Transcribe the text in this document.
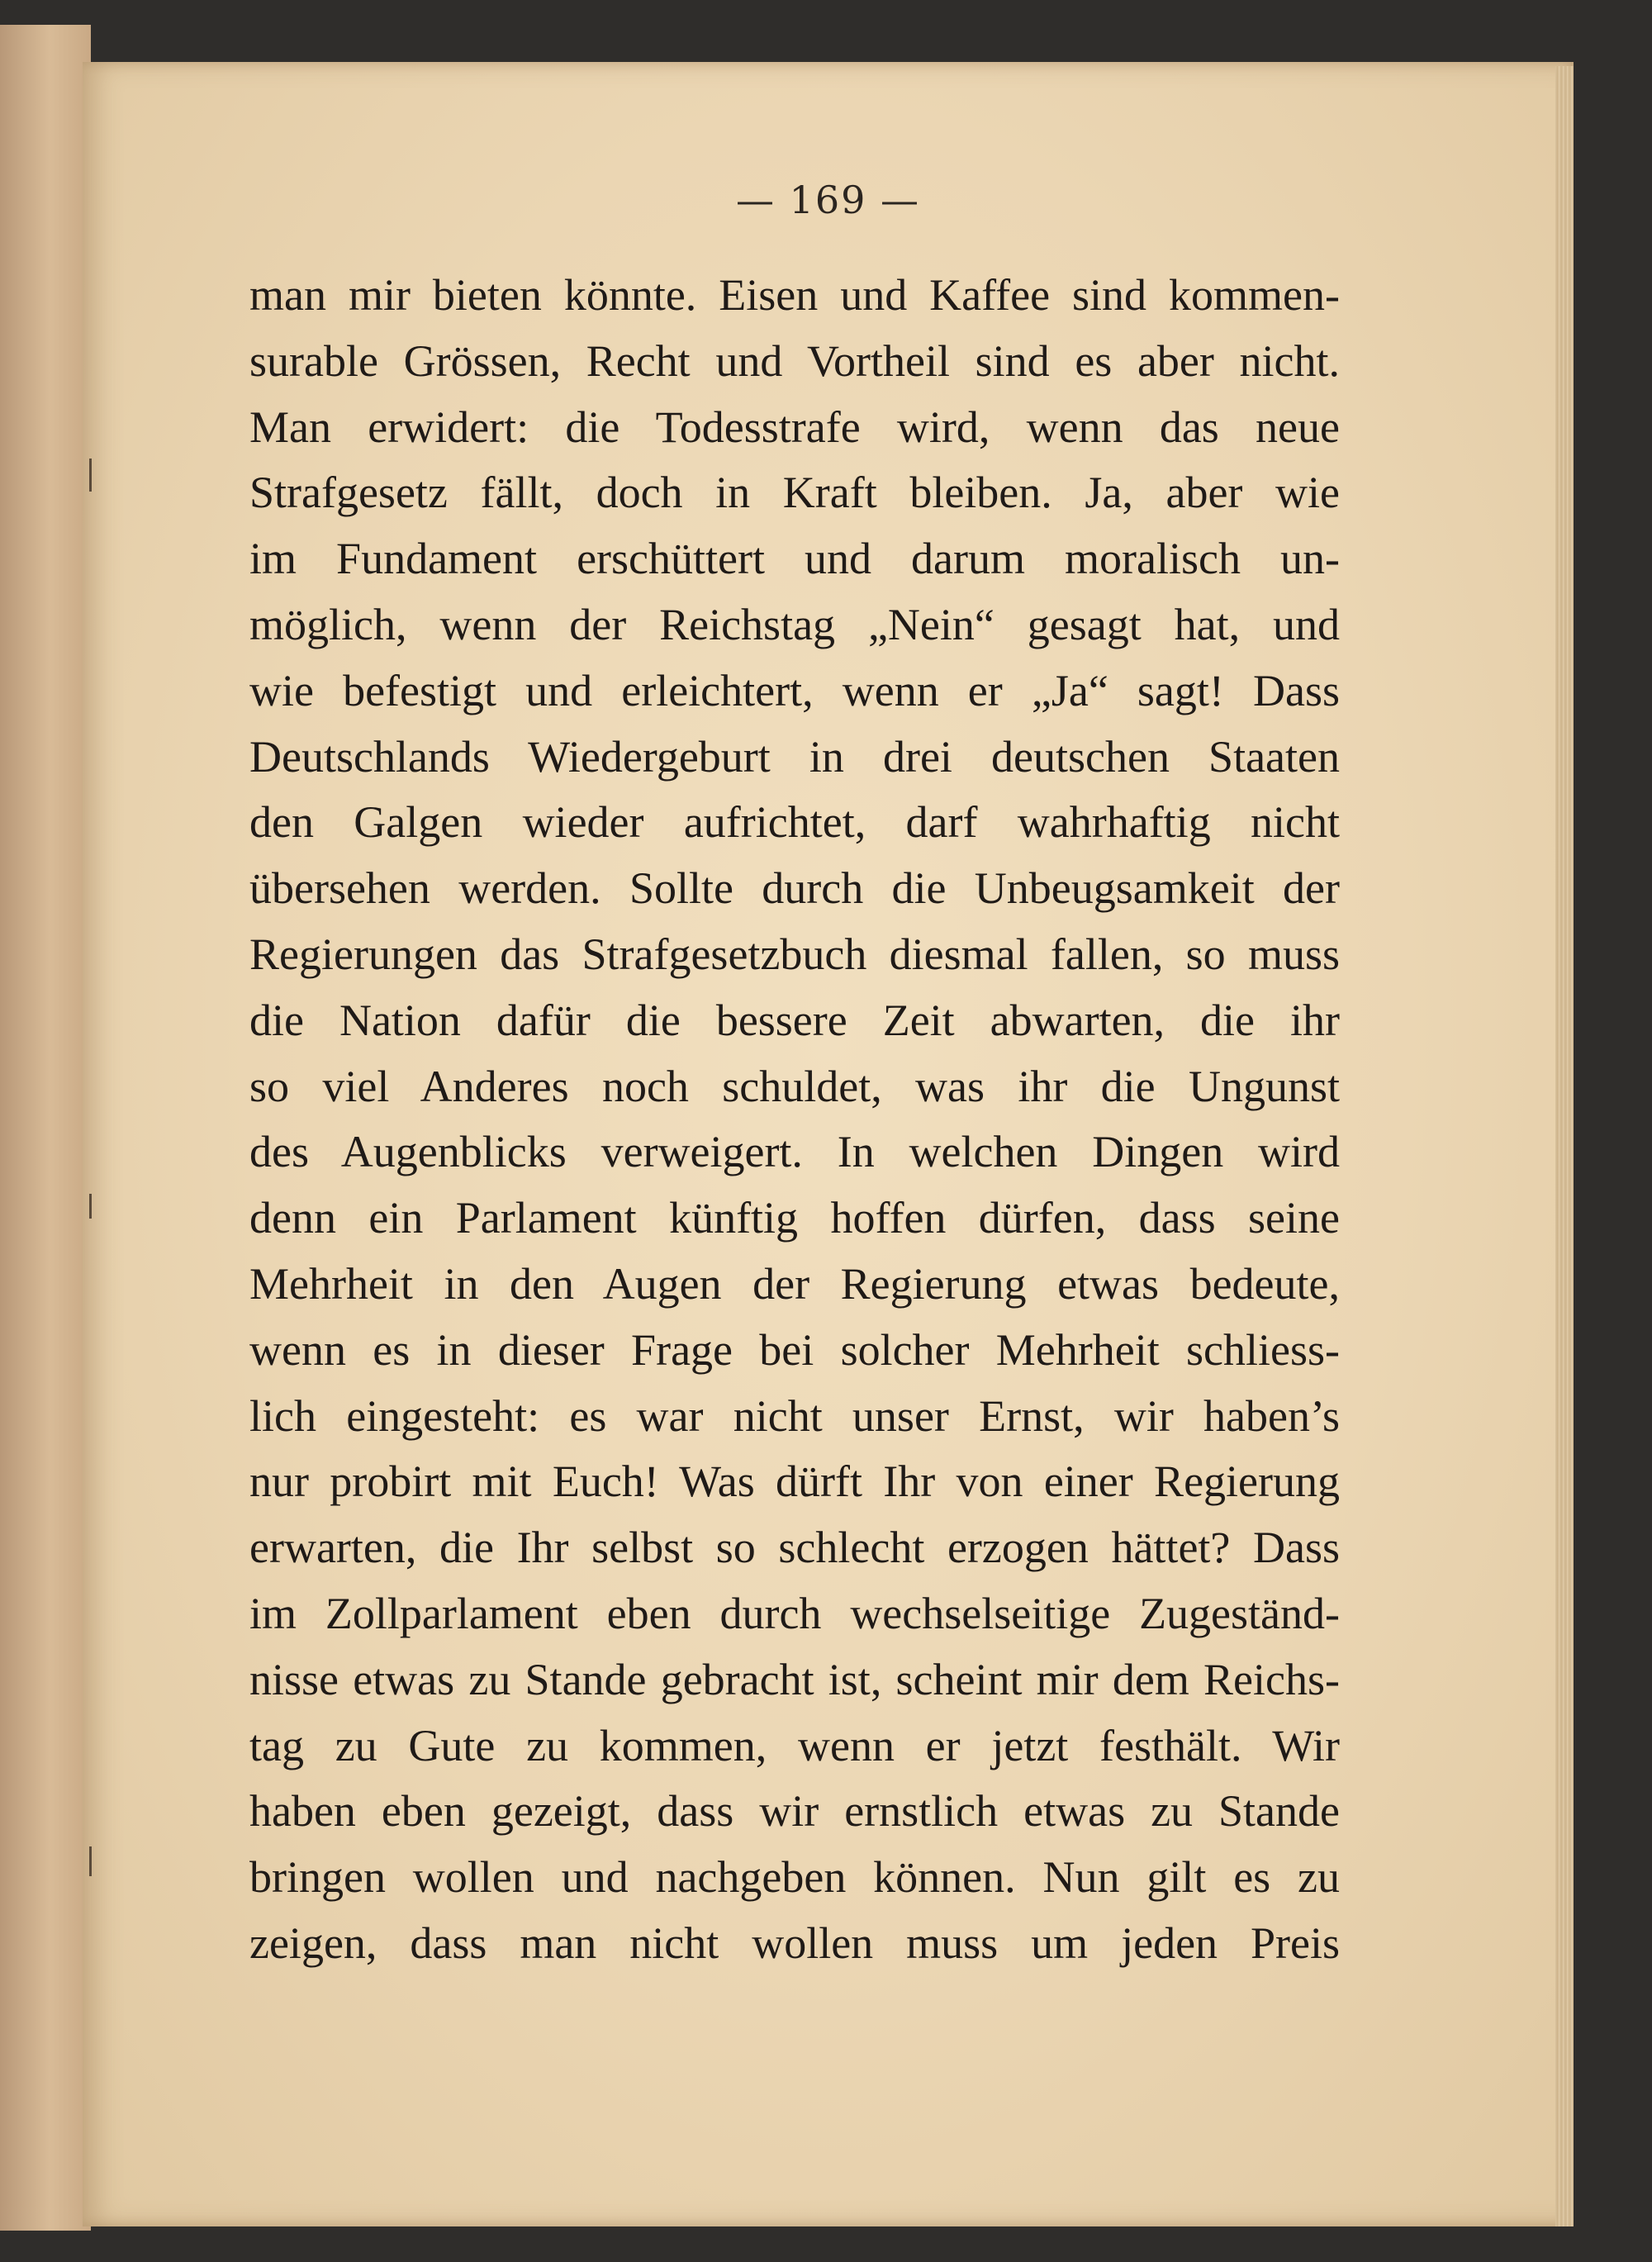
— 169 —
man mir bieten könnte. Eisen und Kaffee sind kommen-
surable Grössen, Recht und Vortheil sind es aber nicht.
Man erwidert: die Todesstrafe wird, wenn das neue
Strafgesetz fällt, doch in Kraft bleiben. Ja, aber wie
im Fundament erschüttert und darum moralisch un-
möglich, wenn der Reichstag „Nein“ gesagt hat, und
wie befestigt und erleichtert, wenn er „Ja“ sagt! Dass
Deutschlands Wiedergeburt in drei deutschen Staaten
den Galgen wieder aufrichtet, darf wahrhaftig nicht
übersehen werden. Sollte durch die Unbeugsamkeit der
Regierungen das Strafgesetzbuch diesmal fallen, so muss
die Nation dafür die bessere Zeit abwarten, die ihr
so viel Anderes noch schuldet, was ihr die Ungunst
des Augenblicks verweigert. In welchen Dingen wird
denn ein Parlament künftig hoffen dürfen, dass seine
Mehrheit in den Augen der Regierung etwas bedeute,
wenn es in dieser Frage bei solcher Mehrheit schliess-
lich eingesteht: es war nicht unser Ernst, wir haben’s
nur probirt mit Euch! Was dürft Ihr von einer Regierung
erwarten, die Ihr selbst so schlecht erzogen hättet? Dass
im Zollparlament eben durch wechselseitige Zugeständ-
nisse etwas zu Stande gebracht ist, scheint mir dem Reichs-
tag zu Gute zu kommen, wenn er jetzt festhält. Wir
haben eben gezeigt, dass wir ernstlich etwas zu Stande
bringen wollen und nachgeben können. Nun gilt es zu
zeigen, dass man nicht wollen muss um jeden Preis
